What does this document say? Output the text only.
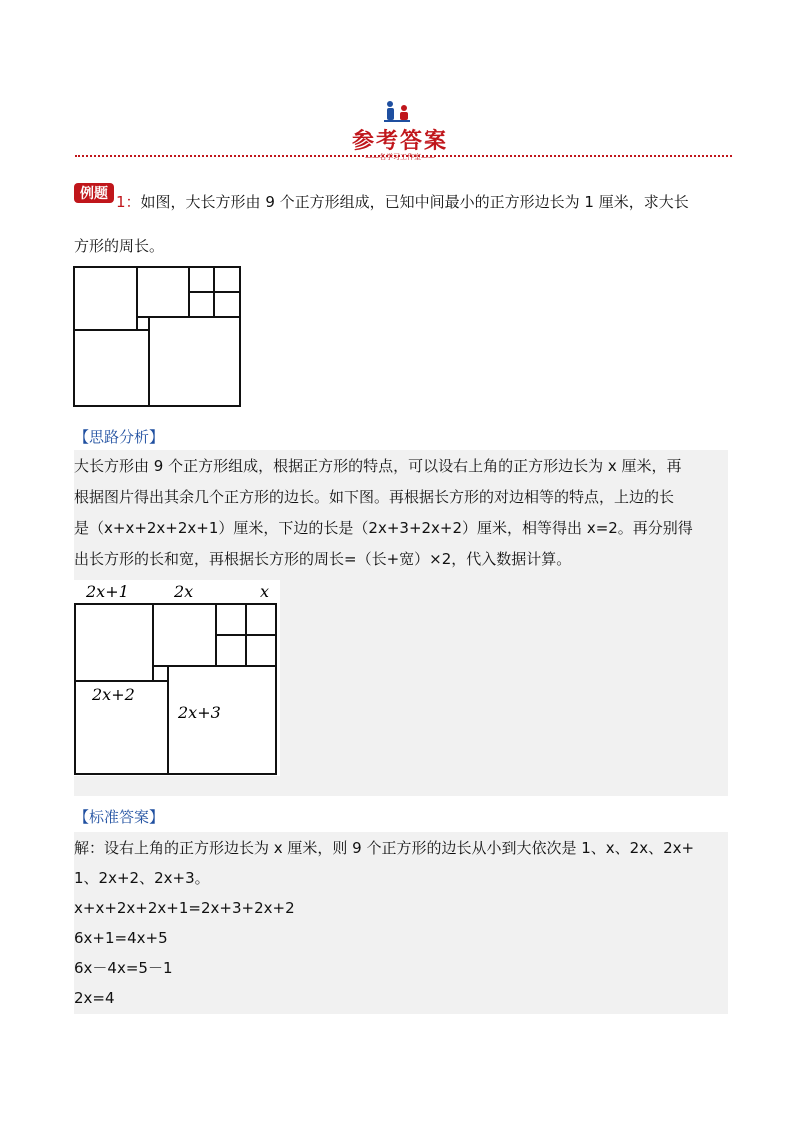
参考答案
——名学习工作室——
例题 1：如图，大长方形由 9 个正方形组成，已知中间最小的正方形边长为 1 厘米，求大长
方形的周长。
【思路分析】
大长方形由 9 个正方形组成，根据正方形的特点，可以设右上角的正方形边长为 x 厘米，再
根据图片得出其余几个正方形的边长。如下图。再根据长方形的对边相等的特点，上边的长
是（x+x+2x+2x+1）厘米，下边的长是（2x+3+2x+2）厘米，相等得出 x=2。再分别得
出长方形的长和宽，再根据长方形的周长=（长+宽）×2，代入数据计算。
2x+1	2x	x
2x+2
2x+3
【标准答案】
解：设右上角的正方形边长为 x 厘米，则 9 个正方形的边长从小到大依次是 1、x、2x、2x+
1、2x+2、2x+3。
x+x+2x+2x+1=2x+3+2x+2
6x+1=4x+5
6x－4x=5－1
2x=4
